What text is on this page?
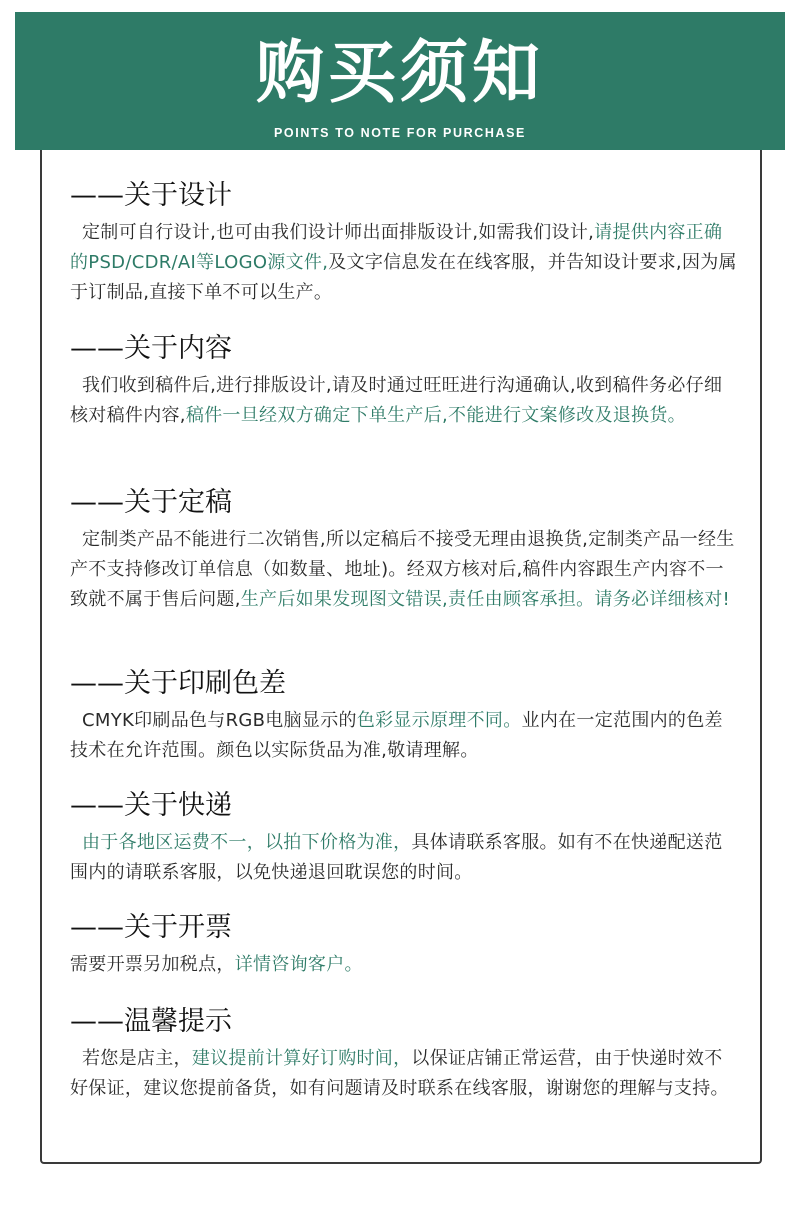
购买须知
POINTS TO NOTE FOR PURCHASE
——关于设计
定制可自行设计,也可由我们设计师出面排版设计,如需我们设计,请提供内容正确的PSD/CDR/AI等LOGO源文件,及文字信息发在在线客服，并告知设计要求,因为属于订制品,直接下单不可以生产。
——关于内容
我们收到稿件后,进行排版设计,请及时通过旺旺进行沟通确认,收到稿件务必仔细核对稿件内容,稿件一旦经双方确定下单生产后,不能进行文案修改及退换货。
——关于定稿
定制类产品不能进行二次销售,所以定稿后不接受无理由退换货,定制类产品一经生产不支持修改订单信息（如数量、地址)。经双方核对后,稿件内容跟生产内容不一致就不属于售后问题,生产后如果发现图文错误,责任由顾客承担。请务必详细核对!
——关于印刷色差
CMYK印刷品色与RGB电脑显示的色彩显示原理不同。业内在一定范围内的色差技术在允许范围。颜色以实际货品为准,敬请理解。
——关于快递
由于各地区运费不一，以拍下价格为准，具体请联系客服。如有不在快递配送范围内的请联系客服，以免快递退回耽误您的时间。
——关于开票
需要开票另加税点，详情咨询客户。
——温馨提示
若您是店主，建议提前计算好订购时间，以保证店铺正常运营，由于快递时效不好保证，建议您提前备货，如有问题请及时联系在线客服，谢谢您的理解与支持。
